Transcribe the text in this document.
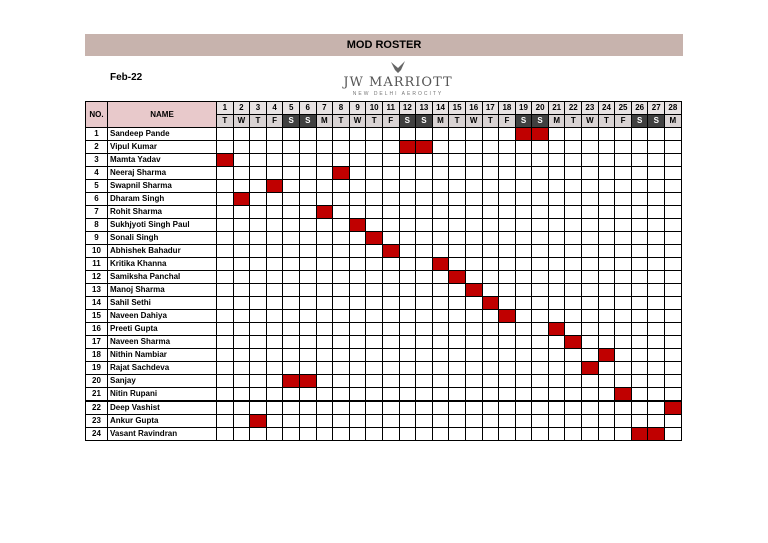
MOD ROSTER
Feb-22	JW MARRIOTT
NEW DELHI AEROCITY
NO.	NAME	1	2	3	4	5	6	7	8	9	10	11	12	13	14	15	16	17	18	19	20	21	22	23	24	25	26	27	28
		T	W	T	F	S	S	M	T	W	T	F	S	S	M	T	W	T	F	S	S	M	T	W	T	F	S	S	M
1	Sandeep Pande																												
2	Vipul Kumar																												
3	Mamta Yadav																												
4	Neeraj Sharma																												
5	Swapnil Sharma																												
6	Dharam Singh																												
7	Rohit Sharma																												
8	Sukhjyoti Singh Paul																												
9	Sonali Singh																												
10	Abhishek Bahadur																												
11	Kritika Khanna																												
12	Samiksha Panchal																												
13	Manoj Sharma																												
14	Sahil Sethi																												
15	Naveen Dahiya																												
16	Preeti Gupta																												
17	Naveen Sharma																												
18	Nithin Nambiar																												
19	Rajat Sachdeva																												
20	Sanjay																												
21	Nitin Rupani																												
22	Deep Vashist																												
23	Ankur Gupta																												
24	Vasant Ravindran																												
